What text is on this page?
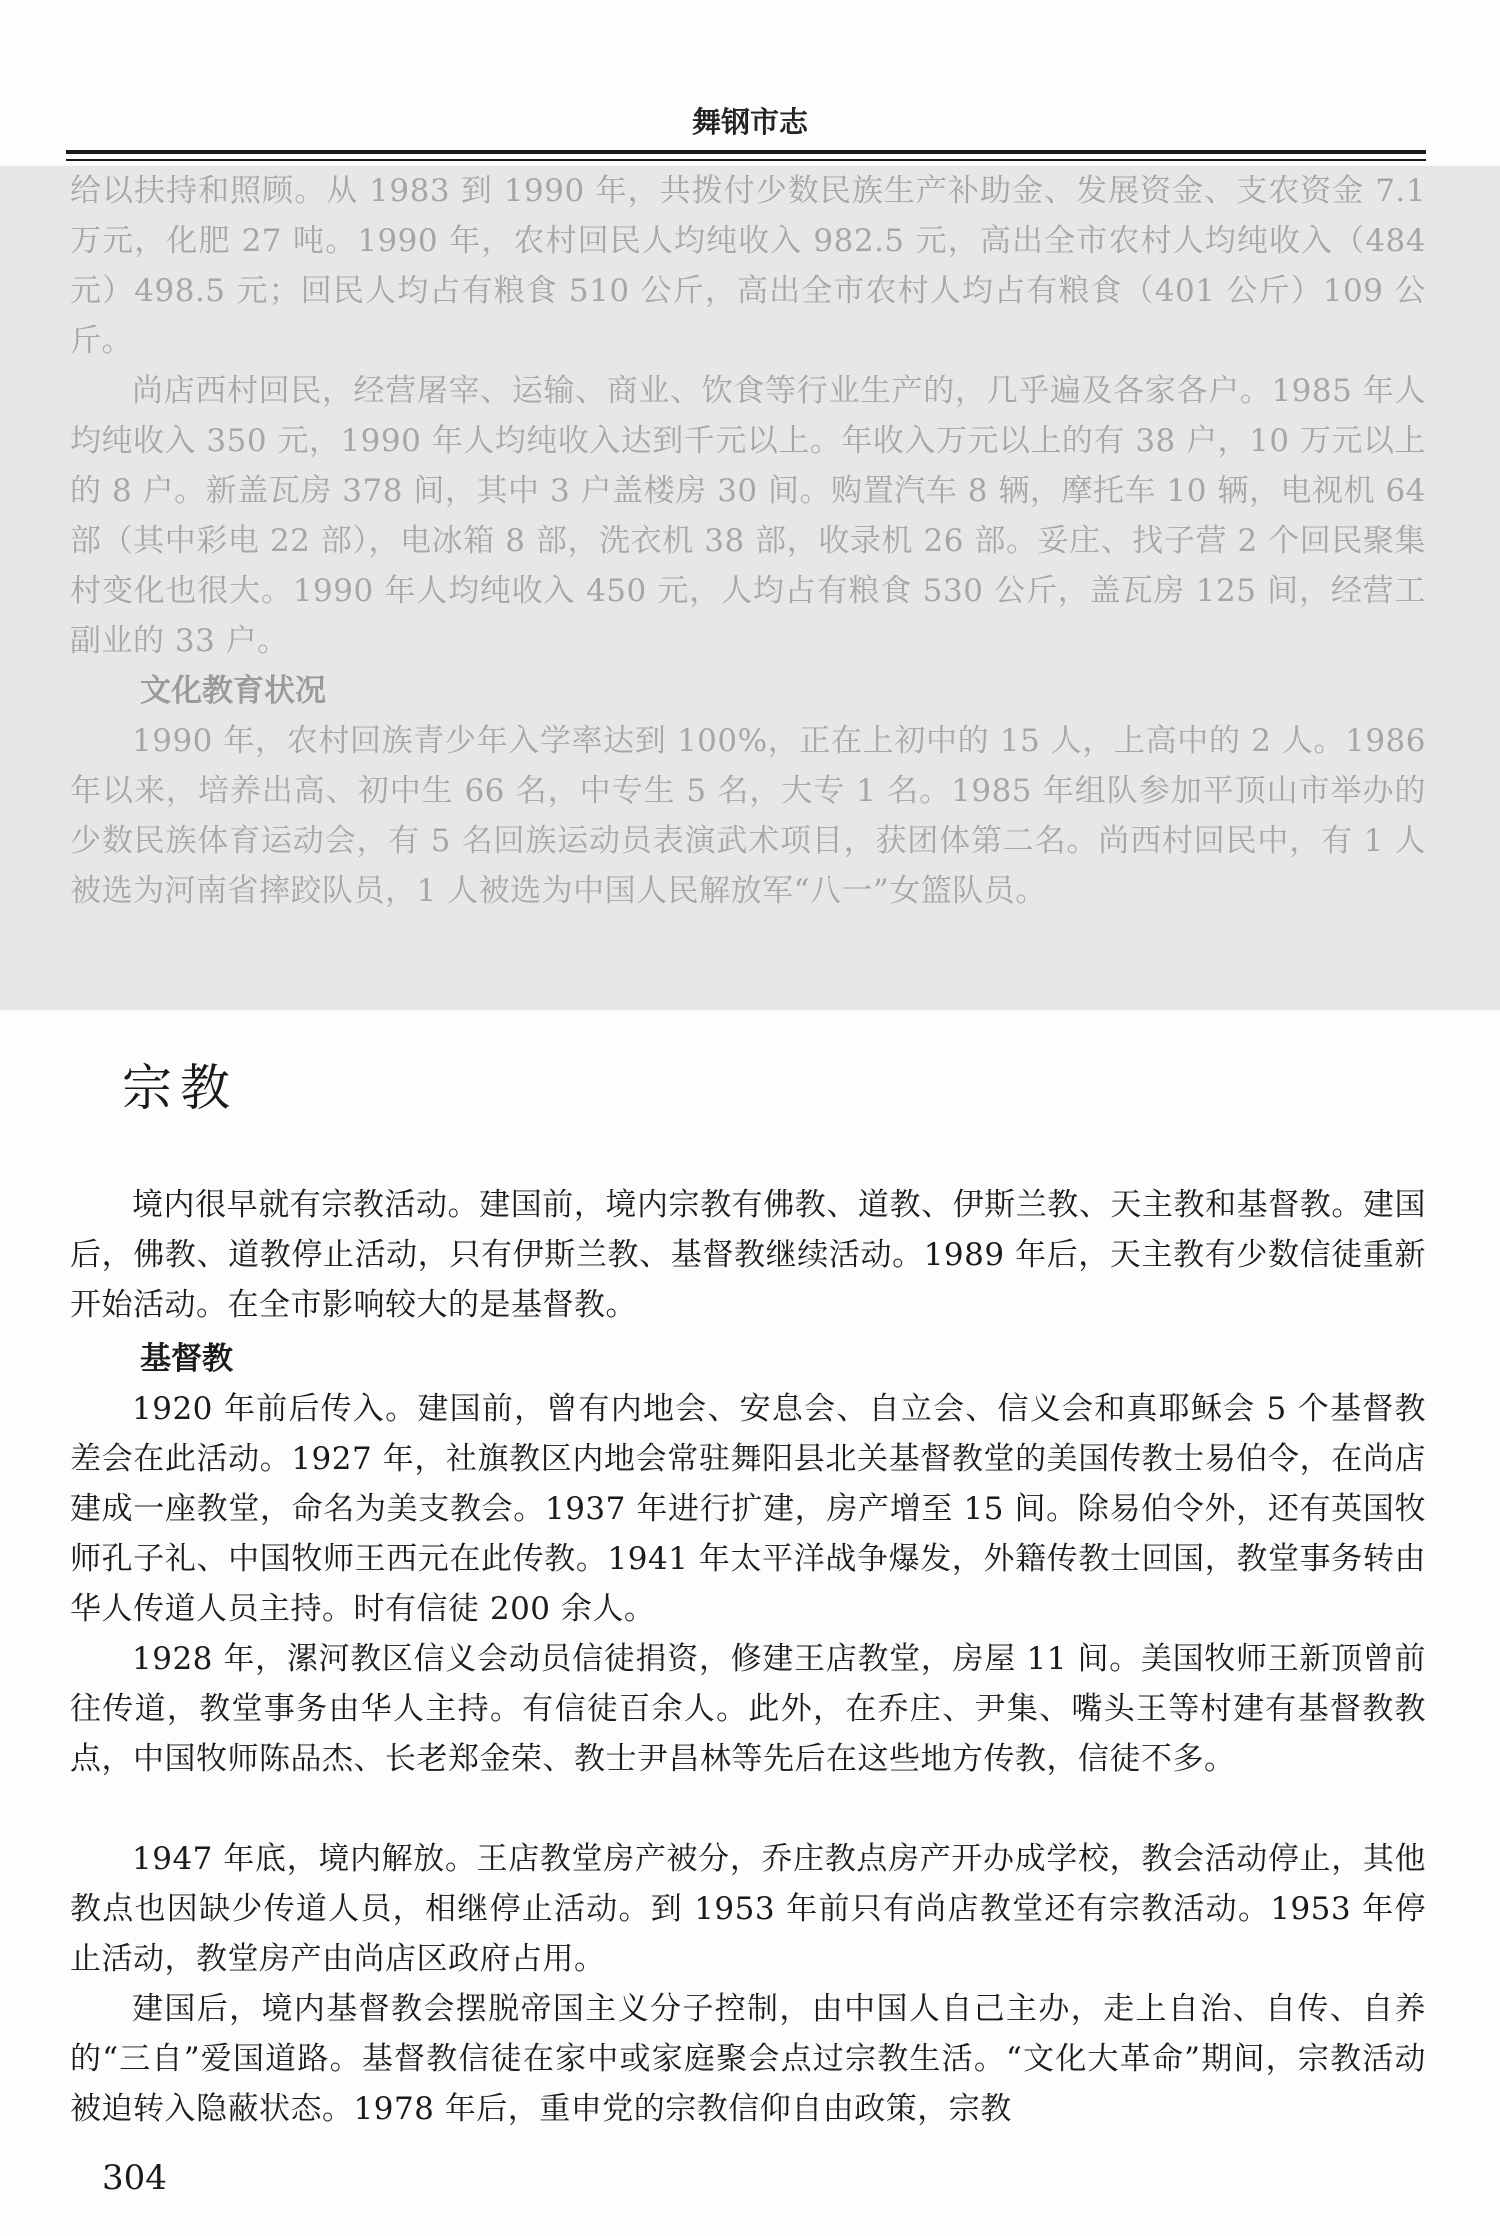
舞钢市志

给以扶持和照顾。从 1983 到 1990 年，共拨付少数民族生产补助金、发展资金、支农资金 7.1 万元，化肥 27 吨。1990 年，农村回民人均纯收入 982.5 元，高出全市农村人均纯收入（484 元）498.5 元；回民人均占有粮食 510 公斤，高出全市农村人均占有粮食（401 公斤）109 公斤。

尚店西村回民，经营屠宰、运输、商业、饮食等行业生产的，几乎遍及各家各户。1985 年人均纯收入 350 元，1990 年人均纯收入达到千元以上。年收入万元以上的有 38 户，10 万元以上的 8 户。新盖瓦房 378 间，其中 3 户盖楼房 30 间。购置汽车 8 辆，摩托车 10 辆，电视机 64 部（其中彩电 22 部），电冰箱 8 部，洗衣机 38 部，收录机 26 部。妥庄、找子营 2 个回民聚集村变化也很大。1990 年人均纯收入 450 元，人均占有粮食 530 公斤，盖瓦房 125 间，经营工副业的 33 户。

文化教育状况

1990 年，农村回族青少年入学率达到 100%，正在上初中的 15 人，上高中的 2 人。1986 年以来，培养出高、初中生 66 名，中专生 5 名，大专 1 名。1985 年组队参加平顶山市举办的少数民族体育运动会，有 5 名回族运动员表演武术项目，获团体第二名。尚西村回民中，有 1 人被选为河南省摔跤队员，1 人被选为中国人民解放军“八一”女篮队员。

宗教

境内很早就有宗教活动。建国前，境内宗教有佛教、道教、伊斯兰教、天主教和基督教。建国后，佛教、道教停止活动，只有伊斯兰教、基督教继续活动。1989 年后，天主教有少数信徒重新开始活动。在全市影响较大的是基督教。

基督教

1920 年前后传入。建国前，曾有内地会、安息会、自立会、信义会和真耶稣会 5 个基督教差会在此活动。1927 年，社旗教区内地会常驻舞阳县北关基督教堂的美国传教士易伯令，在尚店建成一座教堂，命名为美支教会。1937 年进行扩建，房产增至 15 间。除易伯令外，还有英国牧师孔子礼、中国牧师王西元在此传教。1941 年太平洋战争爆发，外籍传教士回国，教堂事务转由华人传道人员主持。时有信徒 200 余人。

1928 年，漯河教区信义会动员信徒捐资，修建王店教堂，房屋 11 间。美国牧师王新顶曾前往传道，教堂事务由华人主持。有信徒百余人。此外，在乔庄、尹集、嘴头王等村建有基督教教点，中国牧师陈品杰、长老郑金荣、教士尹昌林等先后在这些地方传教，信徒不多。

1947 年底，境内解放。王店教堂房产被分，乔庄教点房产开办成学校，教会活动停止，其他教点也因缺少传道人员，相继停止活动。到 1953 年前只有尚店教堂还有宗教活动。1953 年停止活动，教堂房产由尚店区政府占用。

建国后，境内基督教会摆脱帝国主义分子控制，由中国人自己主办，走上自治、自传、自养的“三自”爱国道路。基督教信徒在家中或家庭聚会点过宗教生活。“文化大革命”期间，宗教活动被迫转入隐蔽状态。1978 年后，重申党的宗教信仰自由政策，宗教

304
